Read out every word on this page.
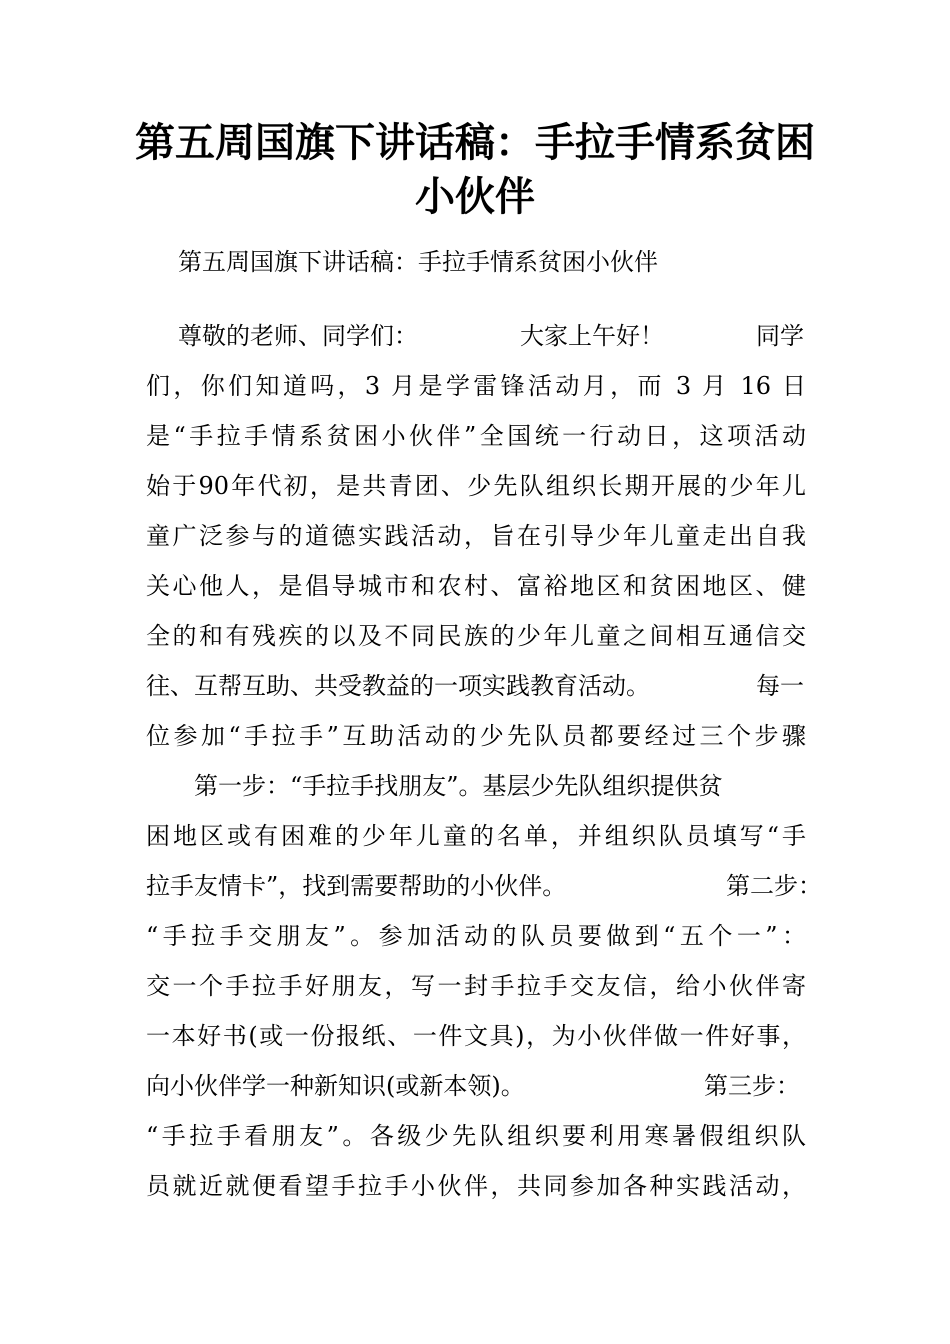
第五周国旗下讲话稿：手拉手情系贫困
小伙伴
第五周国旗下讲话稿：手拉手情系贫困小伙伴
尊敬的老师、同学们：	大家上午好！	同学
们，你们知道吗，3 月是学雷锋活动月，而 3 月 16 日
是“手拉手情系贫困小伙伴”全国统一行动日，这项活动
始于90年代初，是共青团、少先队组织长期开展的少年儿
童广泛参与的道德实践活动，旨在引导少年儿童走出自我
关心他人，是倡导城市和农村、富裕地区和贫困地区、健
全的和有残疾的以及不同民族的少年儿童之间相互通信交
往、互帮互助、共受教益的一项实践教育活动。	每一
位参加“手拉手”互助活动的少先队员都要经过三个步骤
第一步：“手拉手找朋友”。基层少先队组织提供贫
困地区或有困难的少年儿童的名单，并组织队员填写“手
拉手友情卡”，找到需要帮助的小伙伴。	第二步：
“手拉手交朋友”。参加活动的队员要做到“五个一”：
交一个手拉手好朋友，写一封手拉手交友信，给小伙伴寄
一本好书(或一份报纸、一件文具)，为小伙伴做一件好事，
向小伙伴学一种新知识(或新本领)。	第三步：
“手拉手看朋友”。各级少先队组织要利用寒暑假组织队
员就近就便看望手拉手小伙伴，共同参加各种实践活动，
